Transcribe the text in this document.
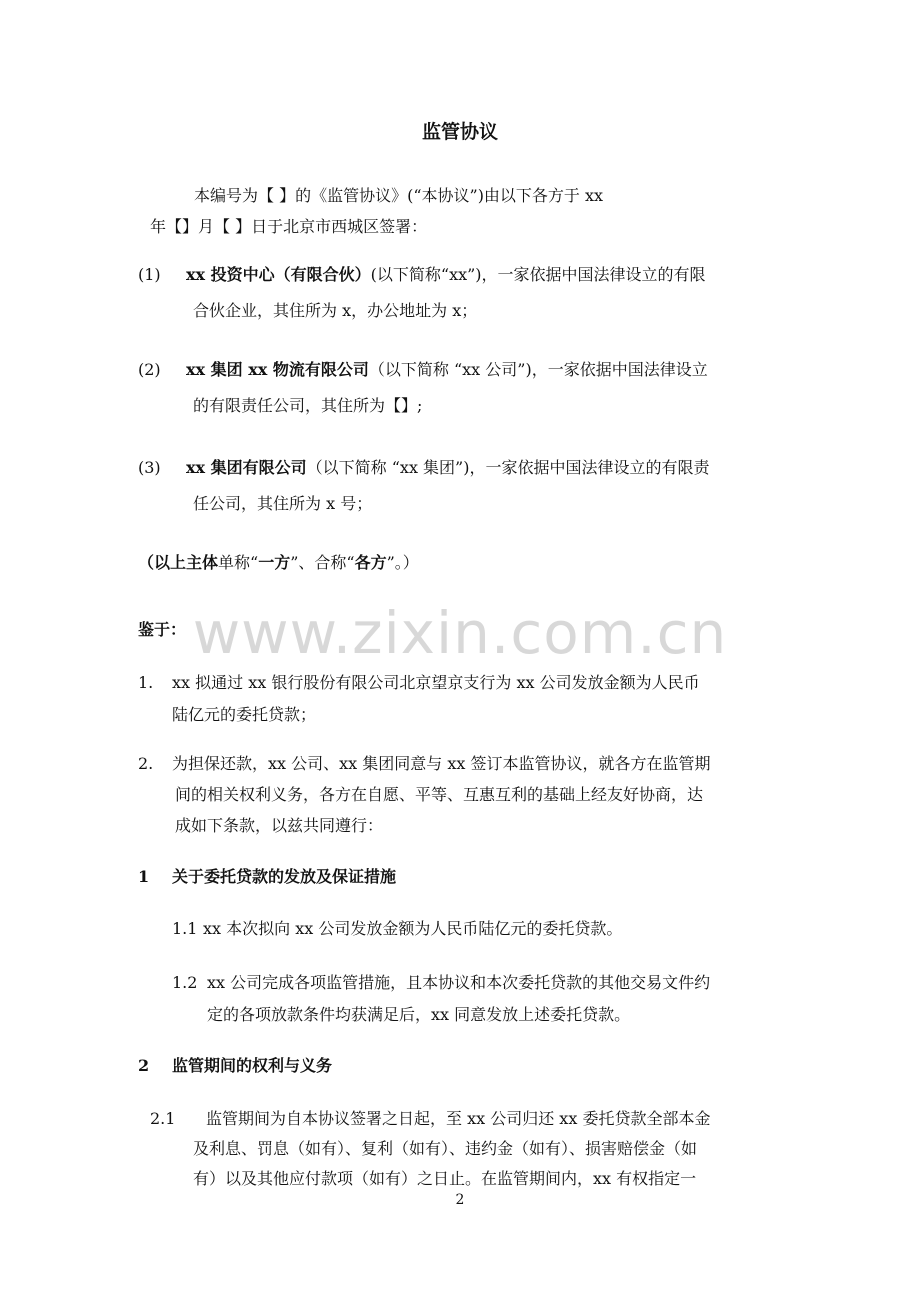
www.zixin.com.cn
监管协议
本编号为【 】的《监管协议》(“本协议”)由以下各方于 xx
年【】月【 】日于北京市西城区签署：
(1) xx 投资中心（有限合伙）(以下简称“xx”)，一家依据中国法律设立的有限
合伙企业，其住所为 x，办公地址为 x；
(2) xx 集团 xx 物流有限公司（以下简称 “xx 公司”)，一家依据中国法律设立
的有限责任公司，其住所为【】;
(3) xx 集团有限公司（以下简称 “xx 集团”)，一家依据中国法律设立的有限责
任公司，其住所为 x 号；
（以上主体单称“一方”、合称“各方”。）
鉴于：
1. xx 拟通过 xx 银行股份有限公司北京望京支行为 xx 公司发放金额为人民币
陆亿元的委托贷款；
2. 为担保还款，xx 公司、xx 集团同意与 xx 签订本监管协议，就各方在监管期
间的相关权利义务，各方在自愿、平等、互惠互利的基础上经友好协商，达
成如下条款，以兹共同遵行：
1 关于委托贷款的发放及保证措施
1.1 xx 本次拟向 xx 公司发放金额为人民币陆亿元的委托贷款。
1.2 xx 公司完成各项监管措施，且本协议和本次委托贷款的其他交易文件约
定的各项放款条件均获满足后，xx 同意发放上述委托贷款。
2 监管期间的权利与义务
2.1 监管期间为自本协议签署之日起，至 xx 公司归还 xx 委托贷款全部本金
及利息、罚息（如有）、复利（如有）、违约金（如有）、损害赔偿金（如
有）以及其他应付款项（如有）之日止。在监管期间内，xx 有权指定一
2
